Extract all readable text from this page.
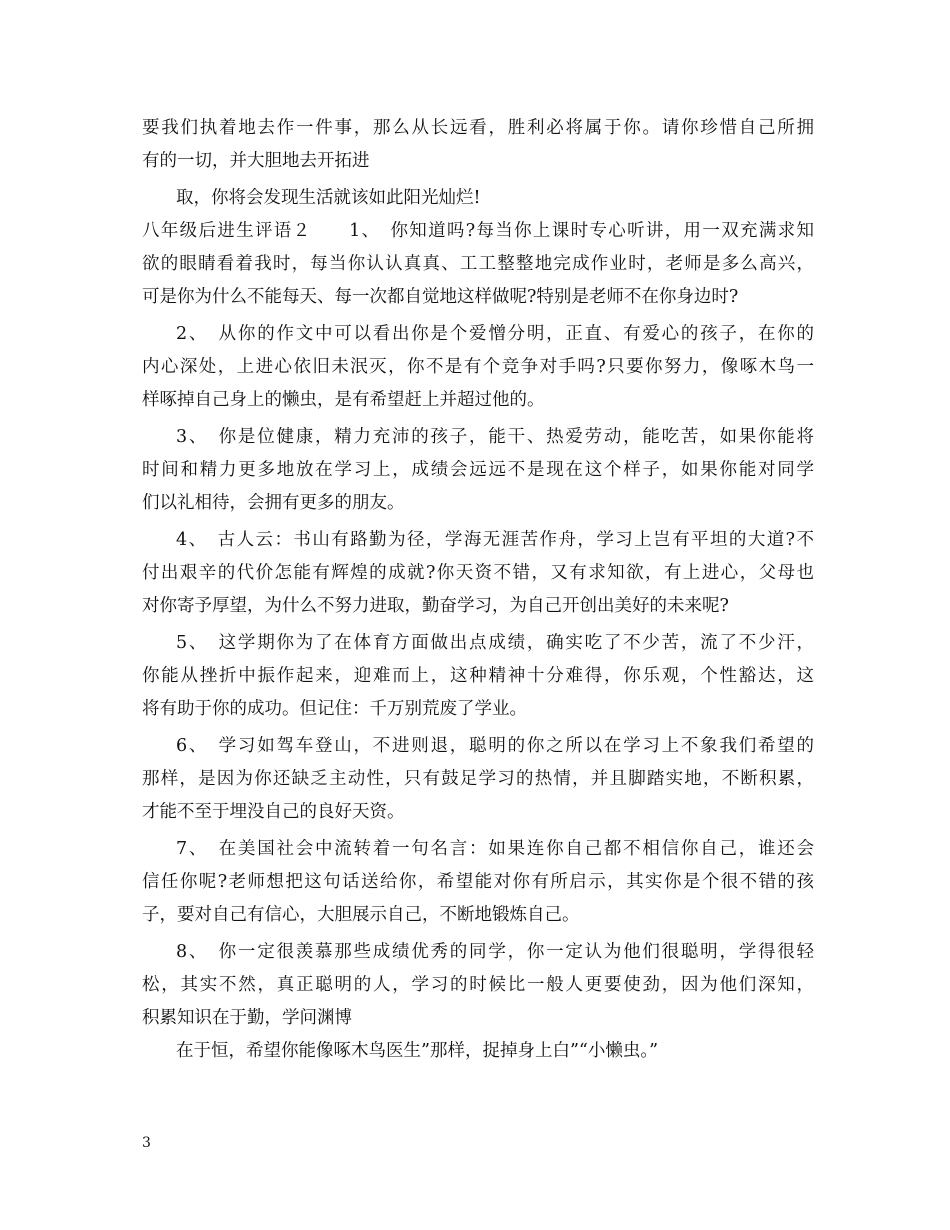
要我们执着地去作一件事，那么从长远看，胜利必将属于你。请你珍惜自己所拥
有的一切，并大胆地去开拓进
取，你将会发现生活就该如此阳光灿烂!
八年级后进生评语２　　1、　你知道吗?每当你上课时专心听讲，用一双充满求知
欲的眼睛看着我时，每当你认认真真、工工整整地完成作业时，老师是多么高兴，
可是你为什么不能每天、每一次都自觉地这样做呢?特别是老师不在你身边时?
2、　从你的作文中可以看出你是个爱憎分明，正直、有爱心的孩子，在你的
内心深处，上进心依旧未泯灭，你不是有个竞争对手吗?只要你努力，像啄木鸟一
样啄掉自己身上的懒虫，是有希望赶上并超过他的。
3、　你是位健康，精力充沛的孩子，能干、热爱劳动，能吃苦，如果你能将
时间和精力更多地放在学习上，成绩会远远不是现在这个样子，如果你能对同学
们以礼相待，会拥有更多的朋友。
4、　古人云：书山有路勤为径，学海无涯苦作舟，学习上岂有平坦的大道?不
付出艰辛的代价怎能有辉煌的成就?你天资不错，又有求知欲，有上进心，父母也
对你寄予厚望，为什么不努力进取，勤奋学习，为自己开创出美好的未来呢?
5、　这学期你为了在体育方面做出点成绩，确实吃了不少苦，流了不少汗，
你能从挫折中振作起来，迎难而上，这种精神十分难得，你乐观，个性豁达，这
将有助于你的成功。但记住：千万别荒废了学业。
6、　学习如驾车登山，不进则退，聪明的你之所以在学习上不象我们希望的
那样，是因为你还缺乏主动性，只有鼓足学习的热情，并且脚踏实地，不断积累，
才能不至于埋没自己的良好天资。
7、　在美国社会中流转着一句名言：如果连你自己都不相信你自己，谁还会
信任你呢?老师想把这句话送给你，希望能对你有所启示，其实你是个很不错的孩
子，要对自己有信心，大胆展示自己，不断地锻炼自己。
8、　你一定很羡慕那些成绩优秀的同学，你一定认为他们很聪明，学得很轻
松，其实不然，真正聪明的人，学习的时候比一般人更要使劲，因为他们深知，
积累知识在于勤，学问渊博
在于恒，希望你能像啄木鸟医生”那样，捉掉身上白”“小懒虫。”
3
